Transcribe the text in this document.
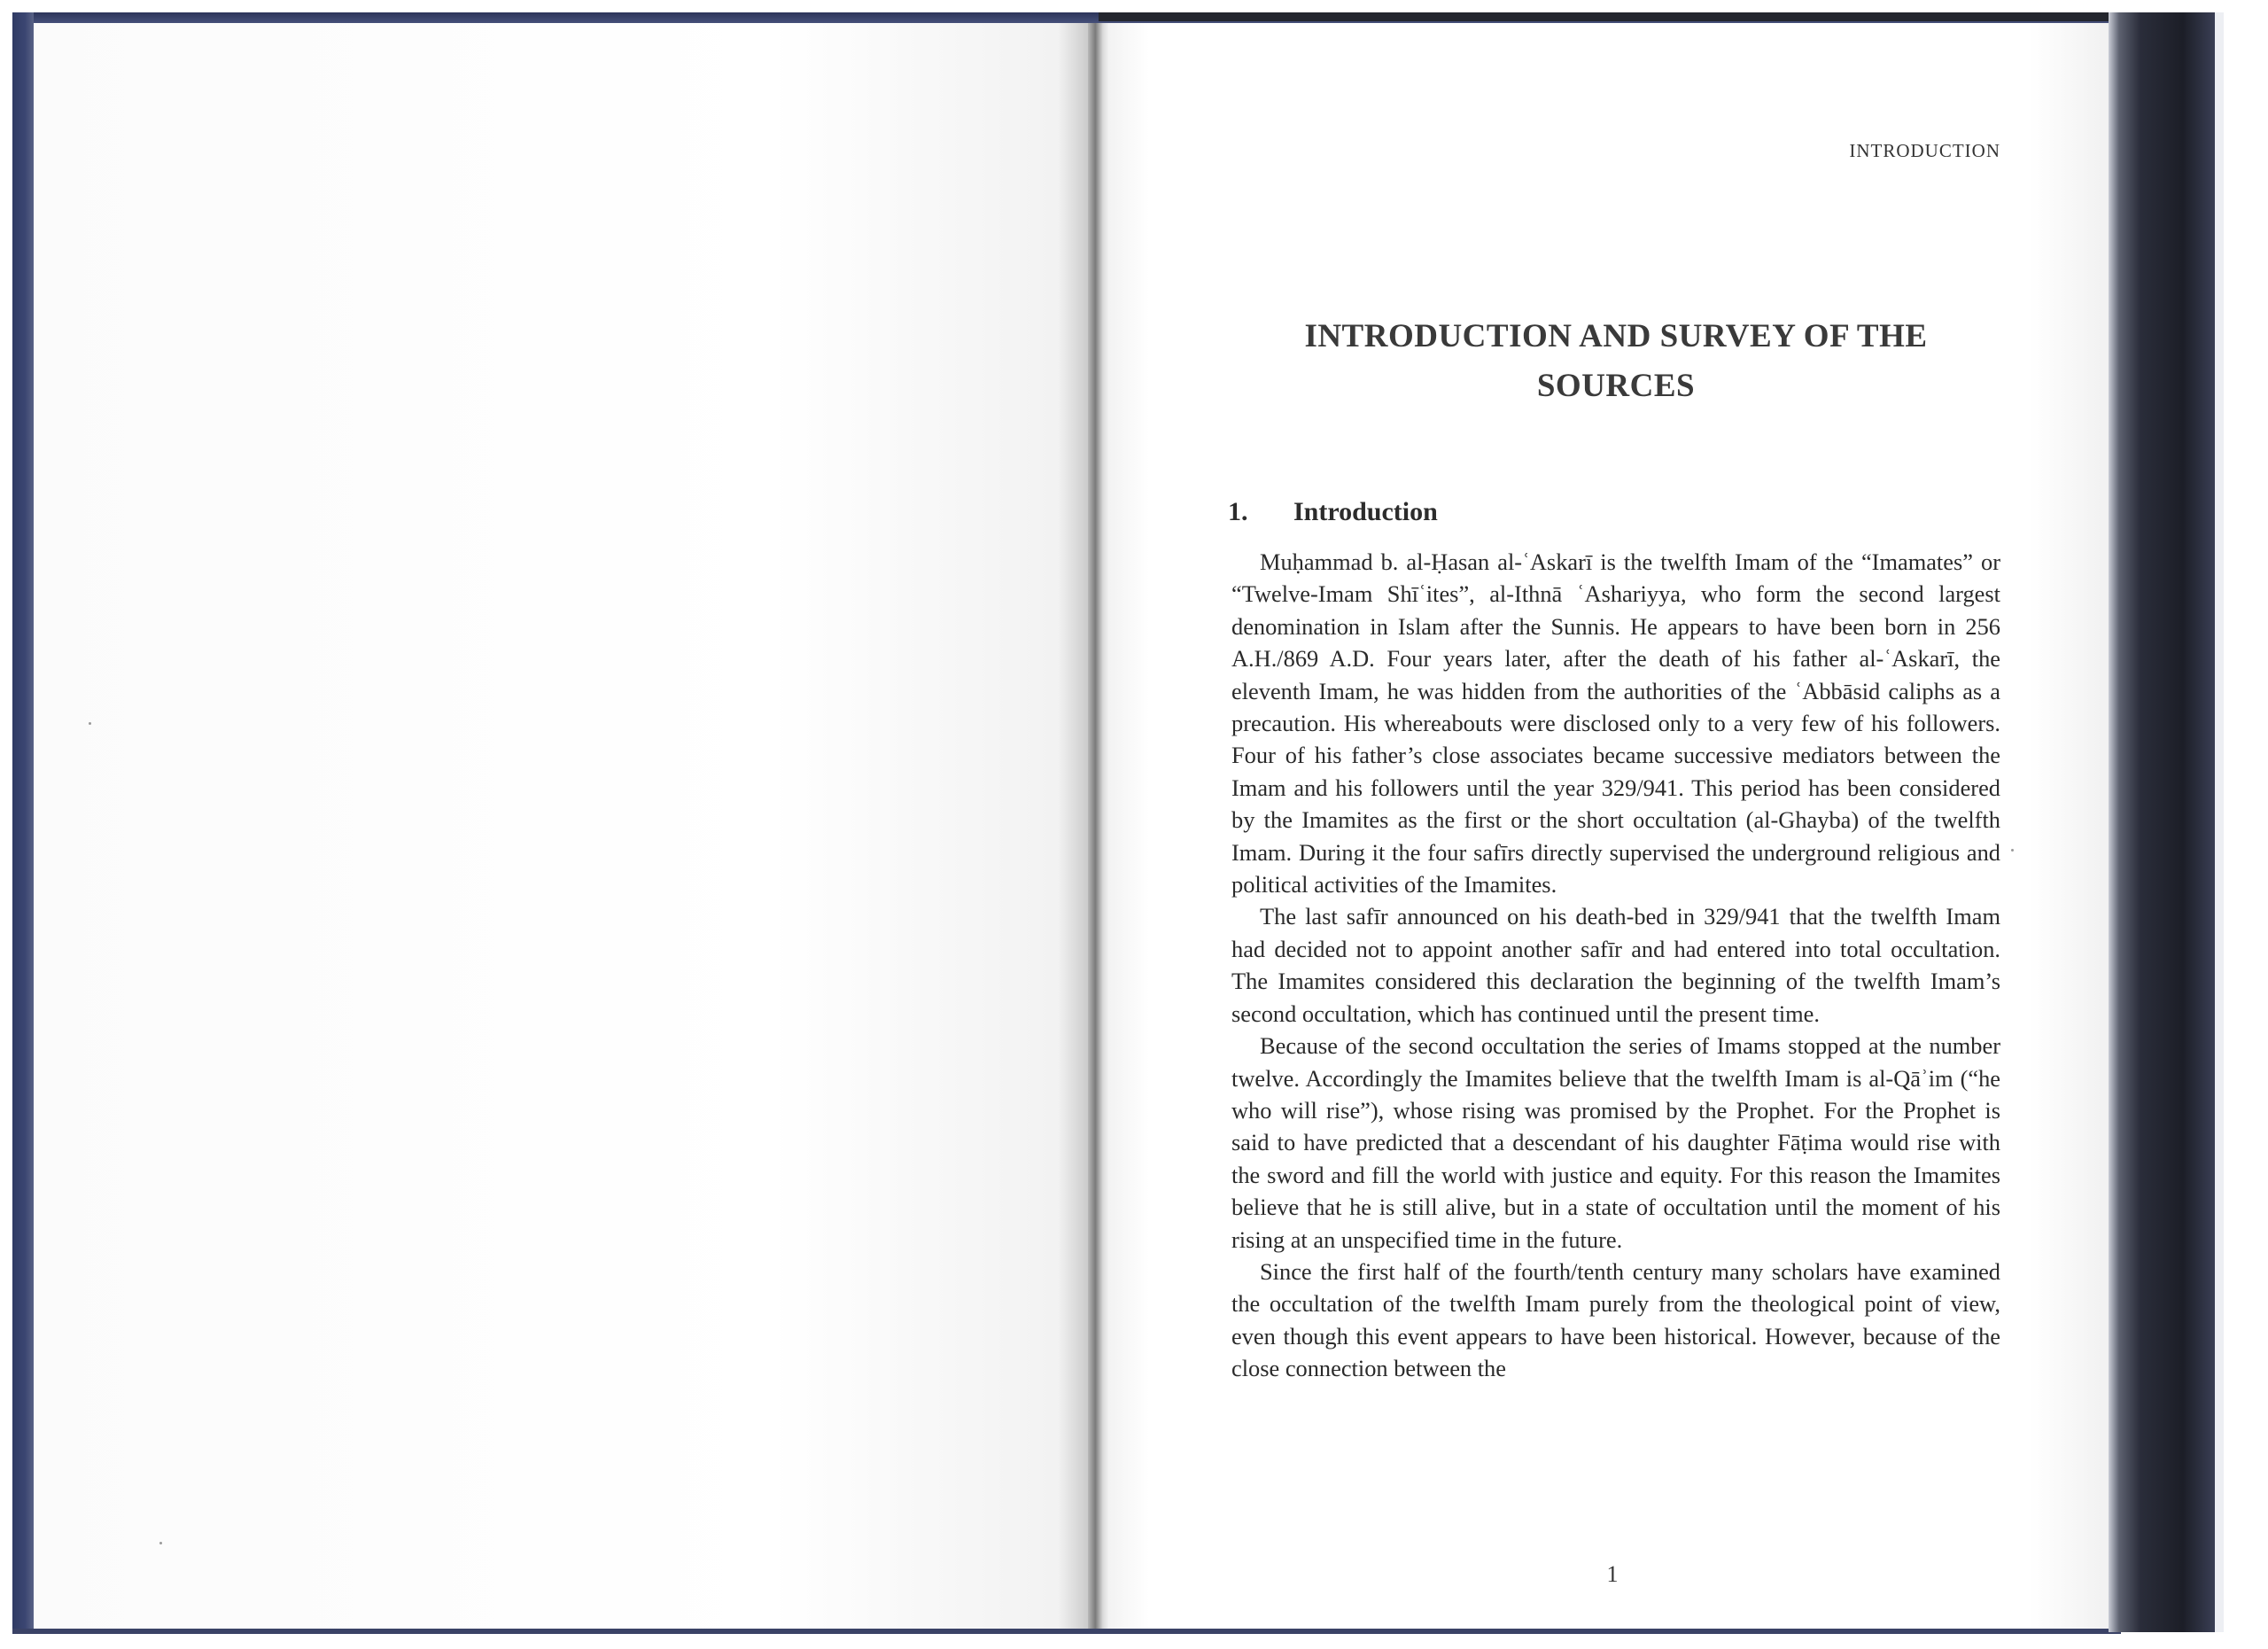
INTRODUCTION
INTRODUCTION AND SURVEY OF THE
SOURCES
1. Introduction

Muḥammad b. al-Ḥasan al-ʿAskarī is the twelfth Imam of the “Imamates” or “Twelve-Imam Shīʿites”, al-Ithnā ʿAshariyya, who form the second largest denomination in Islam after the Sunnis. He appears to have been born in 256 A.H./869 A.D. Four years later, after the death of his father al-ʿAskarī, the eleventh Imam, he was hidden from the authorities of the ʿAbbāsid caliphs as a precaution. His whereabouts were disclosed only to a very few of his followers. Four of his father’s close associates became successive mediators between the Imam and his followers until the year 329/941. This period has been considered by the Imamites as the first or the short occultation (al-Ghayba) of the twelfth Imam. During it the four safīrs directly supervised the underground religious and political activities of the Imamites.

The last safīr announced on his death-bed in 329/941 that the twelfth Imam had decided not to appoint another safīr and had entered into total occultation. The Imamites considered this declaration the beginning of the twelfth Imam’s second occultation, which has continued until the present time.

Because of the second occultation the series of Imams stopped at the number twelve. Accordingly the Imamites believe that the twelfth Imam is al-Qāʾim (“he who will rise”), whose rising was promised by the Prophet. For the Prophet is said to have predicted that a descendant of his daughter Fāṭima would rise with the sword and fill the world with justice and equity. For this reason the Imamites believe that he is still alive, but in a state of occultation until the moment of his rising at an unspecified time in the future.

Since the first half of the fourth/tenth century many scholars have examined the occultation of the twelfth Imam purely from the theological point of view, even though this event appears to have been historical. However, because of the close connection between the

1
